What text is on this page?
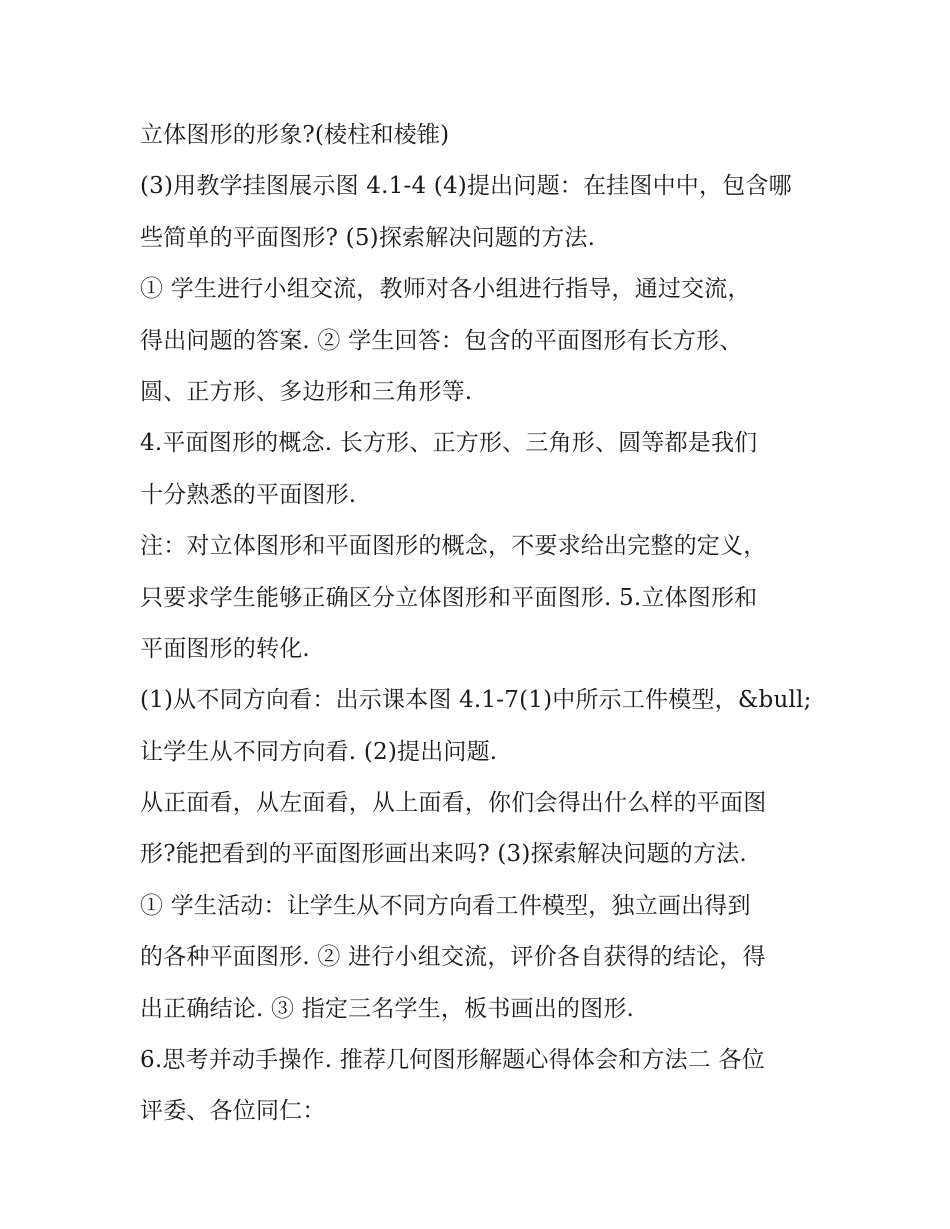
立体图形的形象?(棱柱和棱锥)
(3)用教学挂图展示图 4.1-4 (4)提出问题：在挂图中中，包含哪
些简单的平面图形? (5)探索解决问题的方法.
① 学生进行小组交流，教师对各小组进行指导，通过交流，
得出问题的答案. ② 学生回答：包含的平面图形有长方形、
圆、正方形、多边形和三角形等.
4.平面图形的概念. 长方形、正方形、三角形、圆等都是我们
十分熟悉的平面图形.
注：对立体图形和平面图形的概念，不要求给出完整的定义，
只要求学生能够正确区分立体图形和平面图形. 5.立体图形和
平面图形的转化.
(1)从不同方向看：出示课本图 4.1-7(1)中所示工件模型，&bull;
让学生从不同方向看. (2)提出问题.
从正面看，从左面看，从上面看，你们会得出什么样的平面图
形?能把看到的平面图形画出来吗? (3)探索解决问题的方法.
① 学生活动：让学生从不同方向看工件模型，独立画出得到
的各种平面图形. ② 进行小组交流，评价各自获得的结论，得
出正确结论. ③ 指定三名学生，板书画出的图形.
6.思考并动手操作. 推荐几何图形解题心得体会和方法二 各位
评委、各位同仁：
